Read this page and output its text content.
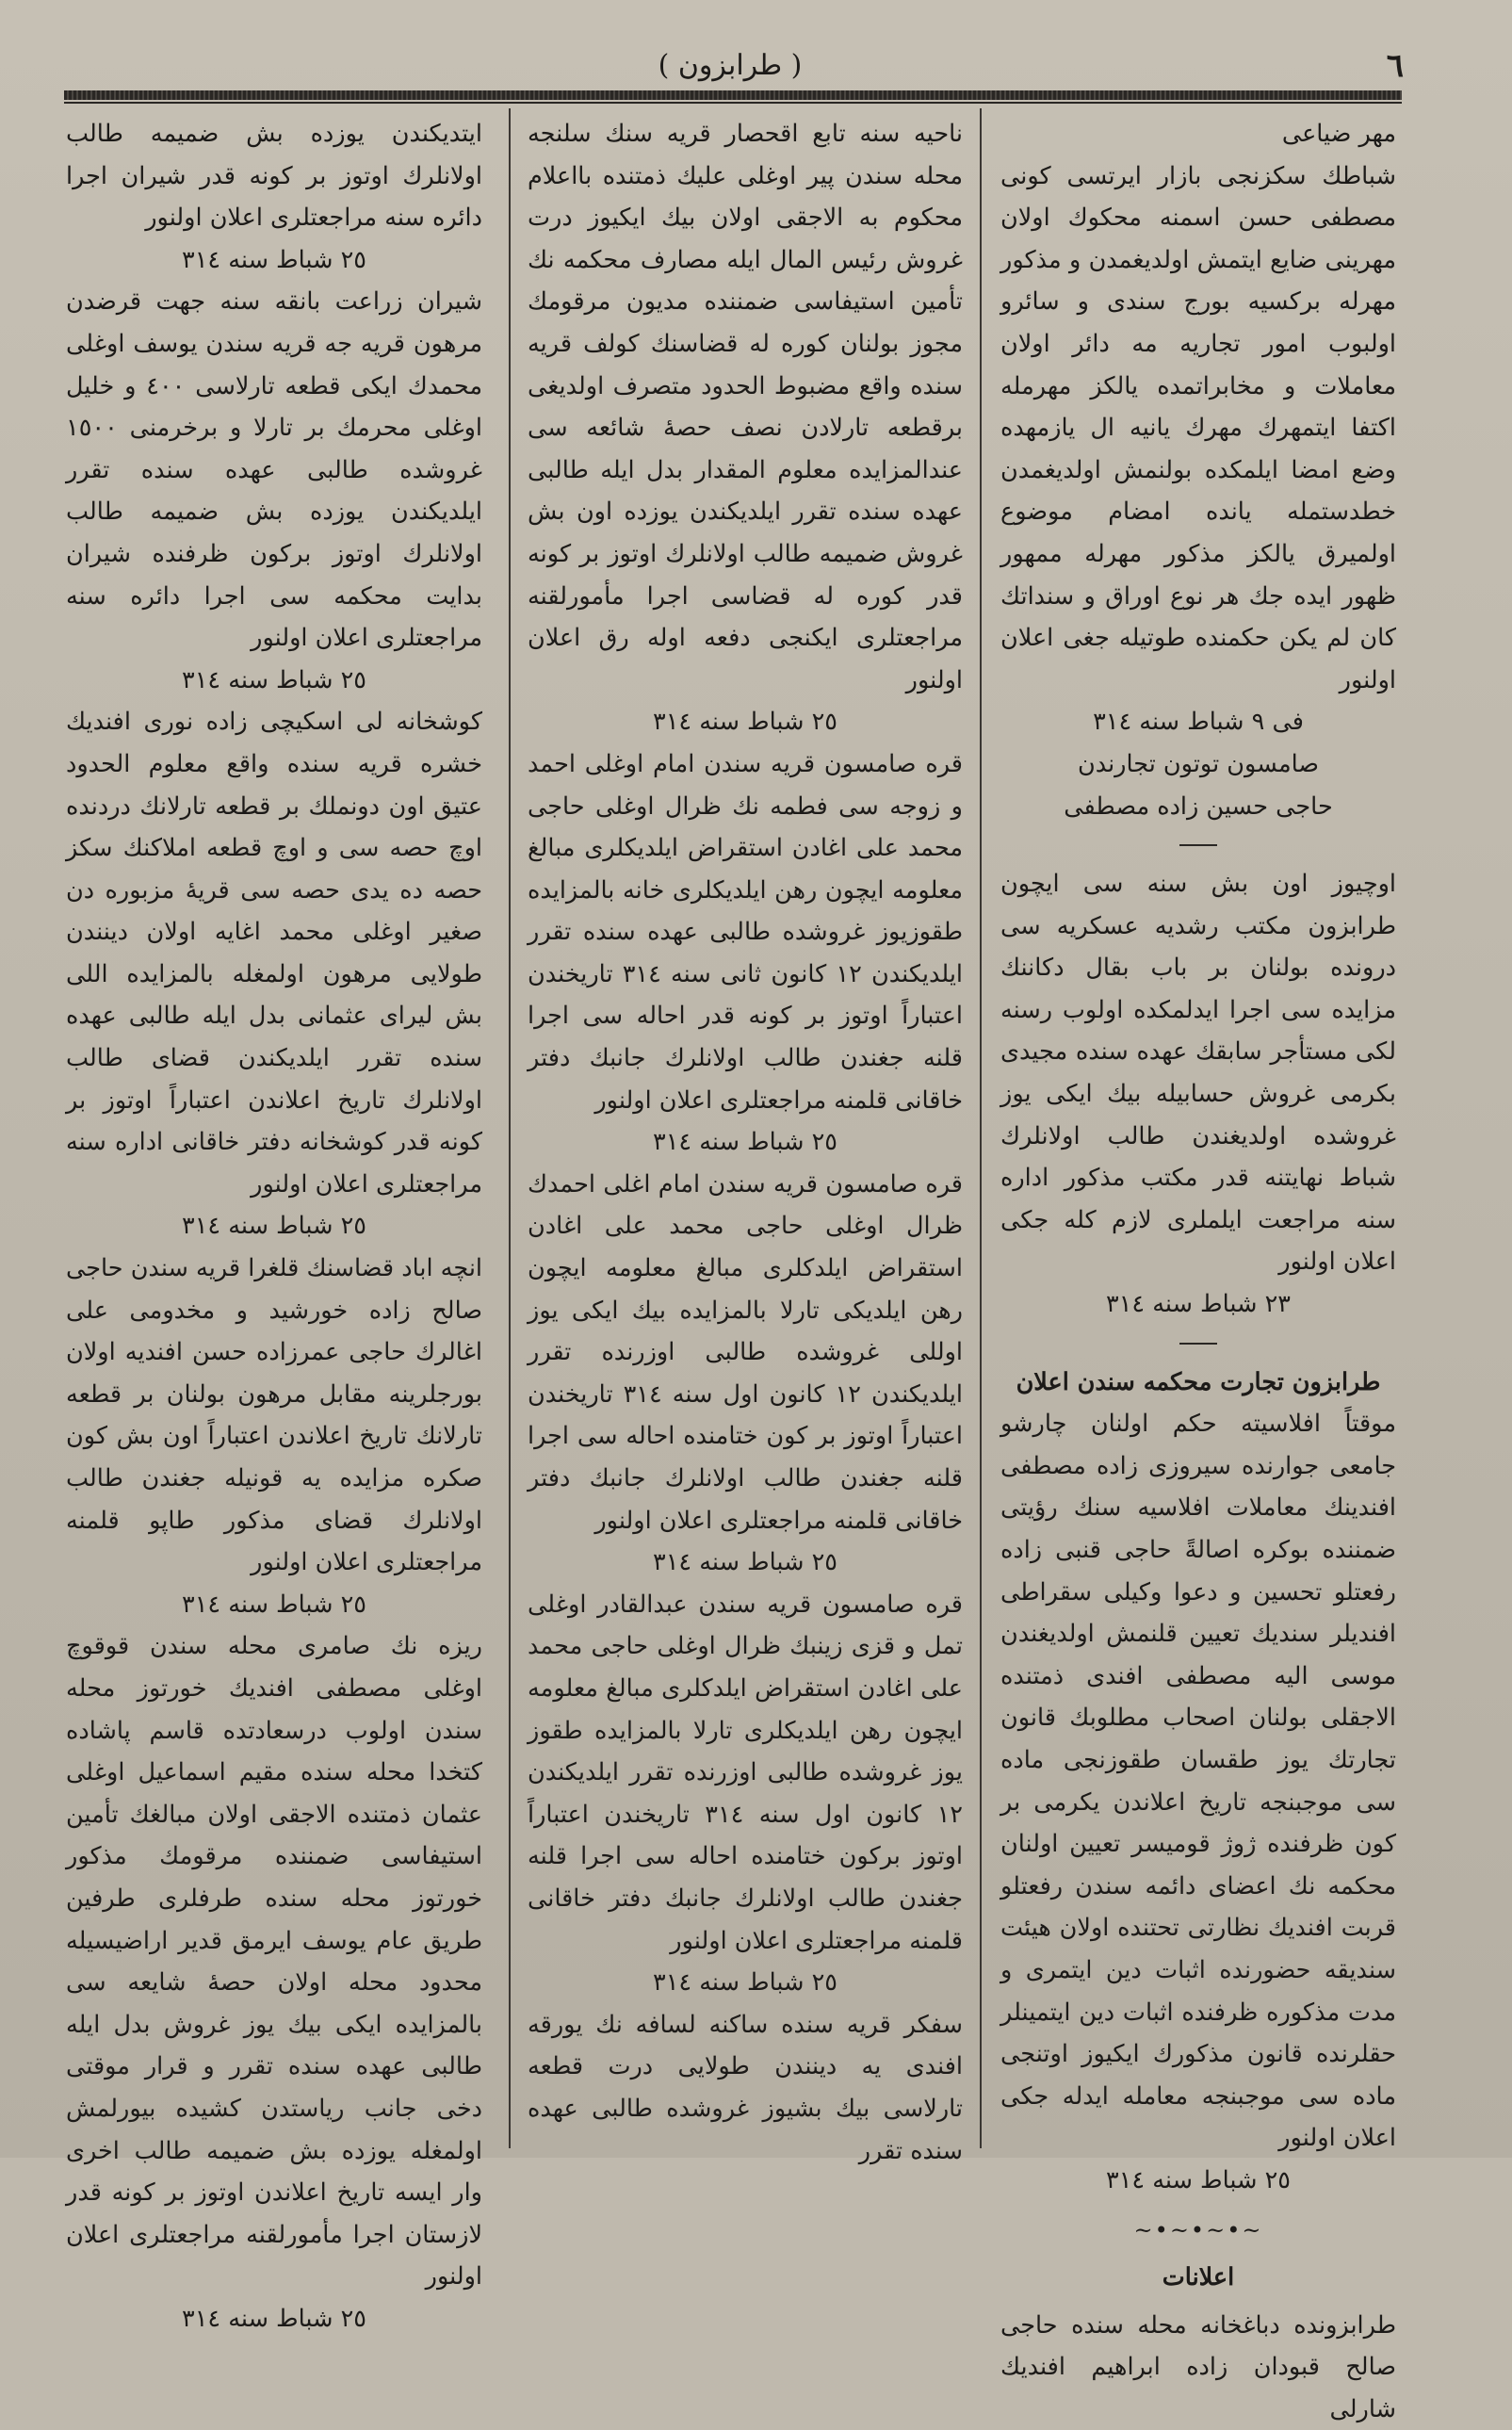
٦
( طرابزون )

مهر ضياعى

شباطك سكزنجى بازار ايرتسى كونى مصطفى حسن اسمنه محكوك اولان مهرينى ضايع ايتمش اولديغمدن و مذكور مهرله بركسيه بورج سندى و سائرو اولبوب امور تجاريه مه دائر اولان معاملات و مخابراتمده يالكز مهرمله اكتفا ايتمهرك مهرك يانيه ال يازمهده وضع امضا ايلمكده بولنمش اولديغمدن خطدستمله يانده امضام موضوع اولميرق يالكز مذكور مهرله ممهور ظهور ايده جك هر نوع اوراق و سنداتك كان لم يكن حكمنده طوتيله جغى اعلان اولنور

فى ٩ شباط سنه ٣١٤

صامسون توتون تجارندن

حاجى حسين زاده مصطفى

اوچيوز اون بش سنه سى ايچون طرابزون مكتب رشديه عسكريه سى درونده بولنان بر باب بقال دكاننك مزايده سى اجرا ايدلمكده اولوب رسنه لكى مستأجر سابقك عهده سنده مجيدى بكرمى غروش حسابيله بيك ايكى يوز غروشده اولديغندن طالب اولانلرك شباط نهايتنه قدر مكتب مذكور اداره سنه مراجعت ايلملرى لازم كله جكى اعلان اولنور

٢٣ شباط سنه ٣١٤

طرابزون تجارت محكمه سندن اعلان

موقتاً افلاسيته حكم اولنان چارشو جامعى جوارنده سيروزى زاده مصطفى افندينك معاملات افلاسيه سنك رؤيتى ضمننده بوكره اصالةً حاجى قنبى زاده رفعتلو تحسين و دعوا وكيلى سقراطى افنديلر سنديك تعيين قلنمش اولديغندن موسى اليه مصطفى افندى ذمتنده الاجقلى بولنان اصحاب مطلوبك قانون تجارتك يوز طقسان طقوزنجى ماده سى موجبنجه تاريخ اعلاندن يكرمى بر كون ظرفنده ژوژ قوميسر تعيين اولنان محكمه نك اعضاى دائمه سندن رفعتلو قربت افنديك نظارتى تحتنده اولان هيئت سنديقه حضورنده اثبات دين ايتمرى و مدت مذكوره ظرفنده اثبات دين ايتمينلر حقلرنده قانون مذكورك ايكيوز اوتنجى ماده سى موجبنجه معامله ايدله جكى اعلان اولنور

٢٥ شباط سنه ٣١٤

~•~•~•~

اعلانات

طرابزونده دباغخانه محله سنده حاجى صالح قبودان زاده ابراهيم افنديك شارلى

ناحيه سنه تابع اقحصار قريه سنك سلنجه محله سندن پير اوغلى عليك ذمتنده بااعلام محكوم به الاجقى اولان بيك ايكيوز درت غروش رئيس المال ايله مصارف محكمه نك تأمين استيفاسى ضمننده مديون مرقومك مجوز بولنان كوره له قضاسنك كولف قريه سنده واقع مضبوط الحدود متصرف اولديغى برقطعه تارلادن نصف حصهٔ شائعه سى عندالمزايده معلوم المقدار بدل ايله طالبى عهده سنده تقرر ايلديكندن يوزده اون بش غروش ضميمه طالب اولانلرك اوتوز بر كونه قدر كوره له قضاسى اجرا مأمورلقنه مراجعتلرى ايكنجى دفعه اوله رق اعلان اولنور

٢٥ شباط سنه ٣١٤

قره صامسون قريه سندن امام اوغلى احمد و زوجه سى فطمه نك ظرال اوغلى حاجى محمد على اغادن استقراض ايلديكلرى مبالغ معلومه ايچون رهن ايلديكلرى خانه بالمزايده طقوزيوز غروشده طالبى عهده سنده تقرر ايلديكندن ١٢ كانون ثانى سنه ٣١٤ تاريخندن اعتباراً اوتوز بر كونه قدر احاله سى اجرا قلنه جغندن طالب اولانلرك جانبك دفتر خاقانى قلمنه مراجعتلرى اعلان اولنور

٢٥ شباط سنه ٣١٤

قره صامسون قريه سندن امام اغلى احمدك ظرال اوغلى حاجى محمد على اغادن استقراض ايلدكلرى مبالغ معلومه ايچون رهن ايلديكى تارلا بالمزايده بيك ايكى يوز اوللى غروشده طالبى اوزرنده تقرر ايلديكندن ١٢ كانون اول سنه ٣١٤ تاريخندن اعتباراً اوتوز بر كون ختامنده احاله سى اجرا قلنه جغندن طالب اولانلرك جانبك دفتر خاقانى قلمنه مراجعتلرى اعلان اولنور

٢٥ شباط سنه ٣١٤

قره صامسون قريه سندن عبدالقادر اوغلى تمل و قزى زينبك ظرال اوغلى حاجى محمد على اغادن استقراض ايلدكلرى مبالغ معلومه ايچون رهن ايلديكلرى تارلا بالمزايده طقوز يوز غروشده طالبى اوزرنده تقرر ايلديكندن ١٢ كانون اول سنه ٣١٤ تاريخندن اعتباراً اوتوز بركون ختامنده احاله سى اجرا قلنه جغندن طالب اولانلرك جانبك دفتر خاقانى قلمنه مراجعتلرى اعلان اولنور

٢٥ شباط سنه ٣١٤

سفكر قريه سنده ساكنه لسافه نك يورقه افندى يه دينندن طولايى درت قطعه تارلاسى بيك بشيوز غروشده طالبى عهده سنده تقرر

ايتديكندن يوزده بش ضميمه طالب اولانلرك اوتوز بر كونه قدر شيران اجرا دائره سنه مراجعتلرى اعلان اولنور

٢٥ شباط سنه ٣١٤

شيران زراعت بانقه سنه جهت قرضدن مرهون قريه جه قريه سندن يوسف اوغلى محمدك ايكى قطعه تارلاسى ٤٠٠ و خليل اوغلى محرمك بر تارلا و برخرمنى ١٥٠٠ غروشده طالبى عهده سنده تقرر ايلديكندن يوزده بش ضميمه طالب اولانلرك اوتوز بركون ظرفنده شيران بدايت محكمه سى اجرا دائره سنه مراجعتلرى اعلان اولنور

٢٥ شباط سنه ٣١٤

كوشخانه لى اسكيچى زاده نورى افنديك خشره قريه سنده واقع معلوم الحدود عتيق اون دونملك بر قطعه تارلانك دردنده اوچ حصه سى و اوچ قطعه املاكنك سكز حصه ده يدى حصه سى قريهٔ مزبوره دن صغير اوغلى محمد اغايه اولان دينندن طولايى مرهون اولمغله بالمزايده اللى بش ليراى عثمانى بدل ايله طالبى عهده سنده تقرر ايلديكندن قضاى طالب اولانلرك تاريخ اعلاندن اعتباراً اوتوز بر كونه قدر كوشخانه دفتر خاقانى اداره سنه مراجعتلرى اعلان اولنور

٢٥ شباط سنه ٣١٤

انچه اباد قضاسنك قلغرا قريه سندن حاجى صالح زاده خورشيد و مخدومى على اغالرك حاجى عمرزاده حسن افنديه اولان بورجلرينه مقابل مرهون بولنان بر قطعه تارلانك تاريخ اعلاندن اعتباراً اون بش كون صكره مزايده يه قونيله جغندن طالب اولانلرك قضاى مذكور طاپو قلمنه مراجعتلرى اعلان اولنور

٢٥ شباط سنه ٣١٤

ريزه نك صامرى محله سندن قوقوچ اوغلى مصطفى افنديك خورتوز محله سندن اولوب درسعادتده قاسم پاشاده كتخدا محله سنده مقيم اسماعيل اوغلى عثمان ذمتنده الاجقى اولان مبالغك تأمين استيفاسى ضمننده مرقومك مذكور خورتوز محله سنده طرفلرى طرفين طريق عام يوسف ايرمق قدير اراضيسيله محدود محله اولان حصهٔ شايعه سى بالمزايده ايكى بيك يوز غروش بدل ايله طالبى عهده سنده تقرر و قرار موقتى دخى جانب رياستدن كشيده بيورلمش اولمغله يوزده بش ضميمه طالب اخرى وار ايسه تاريخ اعلاندن اوتوز بر كونه قدر لازستان اجرا مأمورلقنه مراجعتلرى اعلان اولنور

٢٥ شباط سنه ٣١٤
